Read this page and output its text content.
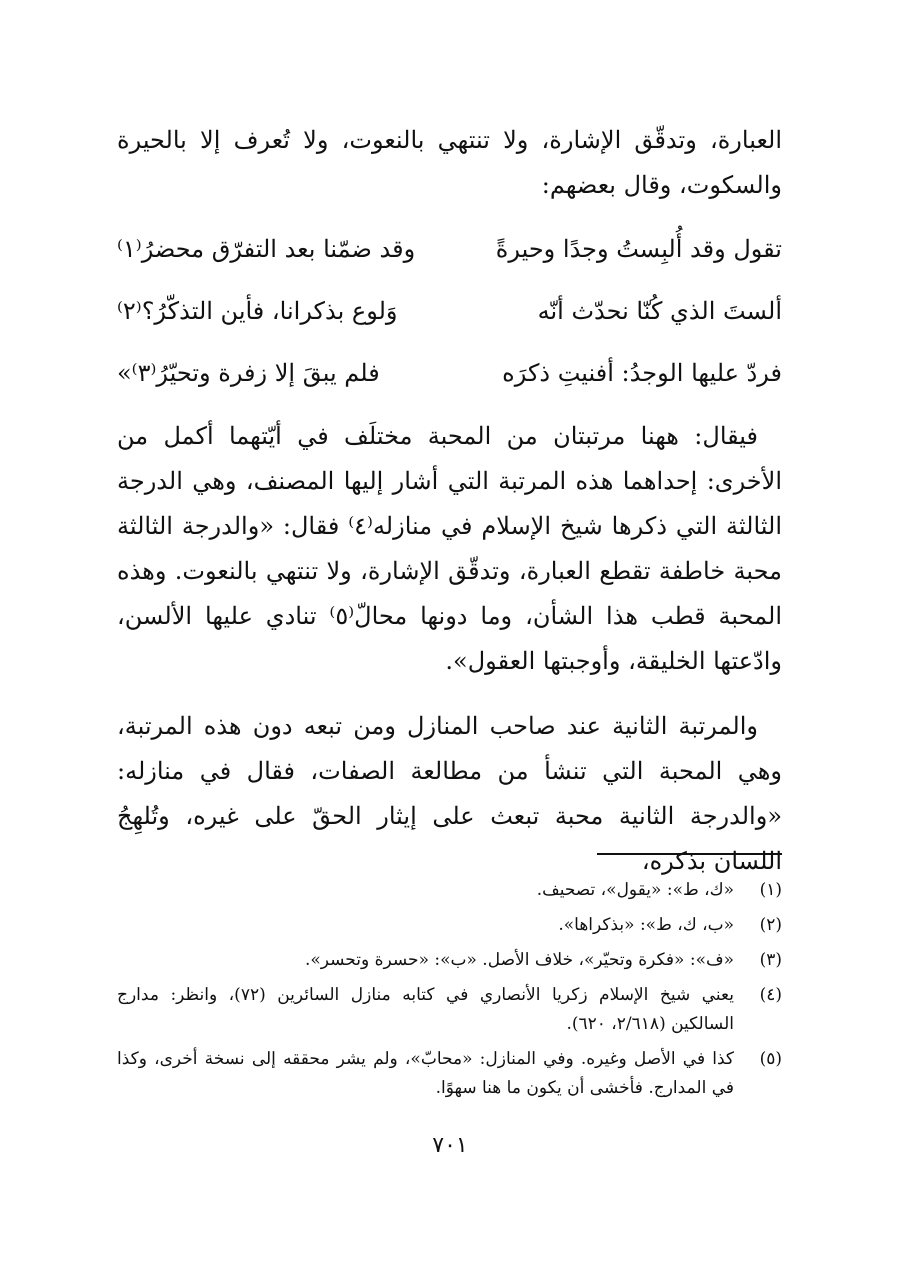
العبارة، وتدقّق الإشارة، ولا تنتهي بالنعوت، ولا تُعرف إلا بالحيرة والسكوت، وقال بعضهم:

تقول وقد أُلبِستُ وجدًا وحيرةً
وقد ضمّنا بعد التفرّق محضرُ⁽١⁾
ألستَ الذي كُنّا نحدّث أنّه
وَلوع بذكرانا، فأين التذكّرُ؟⁽٢⁾
فردّ عليها الوجدُ: أفنيتِ ذكرَه
فلم يبقَ إلا زفرة وتحيّرُ⁽٣⁾»

فيقال: ههنا مرتبتان من المحبة مختلَف في أيّتهما أكمل من الأخرى: إحداهما هذه المرتبة التي أشار إليها المصنف، وهي الدرجة الثالثة التي ذكرها شيخ الإسلام في منازله⁽٤⁾ فقال: «والدرجة الثالثة محبة خاطفة تقطع العبارة، وتدقّق الإشارة، ولا تنتهي بالنعوت. وهذه المحبة قطب هذا الشأن، وما دونها محالّ⁽٥⁾ تنادي عليها الألسن، وادّعتها الخليقة، وأوجبتها العقول».

والمرتبة الثانية عند صاحب المنازل ومن تبعه دون هذه المرتبة، وهي المحبة التي تنشأ من مطالعة الصفات، فقال في منازله: «والدرجة الثانية محبة تبعث على إيثار الحقّ على غيره، وتُلهِجُ اللسان بذكره،

(١)
«ك، ط»: «يقول»، تصحيف.
(٢)
«ب، ك، ط»: «بذكراها».
(٣)
«ف»: «فكرة وتحيّر»، خلاف الأصل. «ب»: «حسرة وتحسر».
(٤)
يعني شيخ الإسلام زكريا الأنصاري في كتابه منازل السائرين (٧٢)، وانظر: مدارج السالكين (٢/٦١٨، ٦٢٠).
(٥)
كذا في الأصل وغيره. وفي المنازل: «محابّ»، ولم يشر محققه إلى نسخة أخرى، وكذا في المدارج. فأخشى أن يكون ما هنا سهوًا.
٧٠١
